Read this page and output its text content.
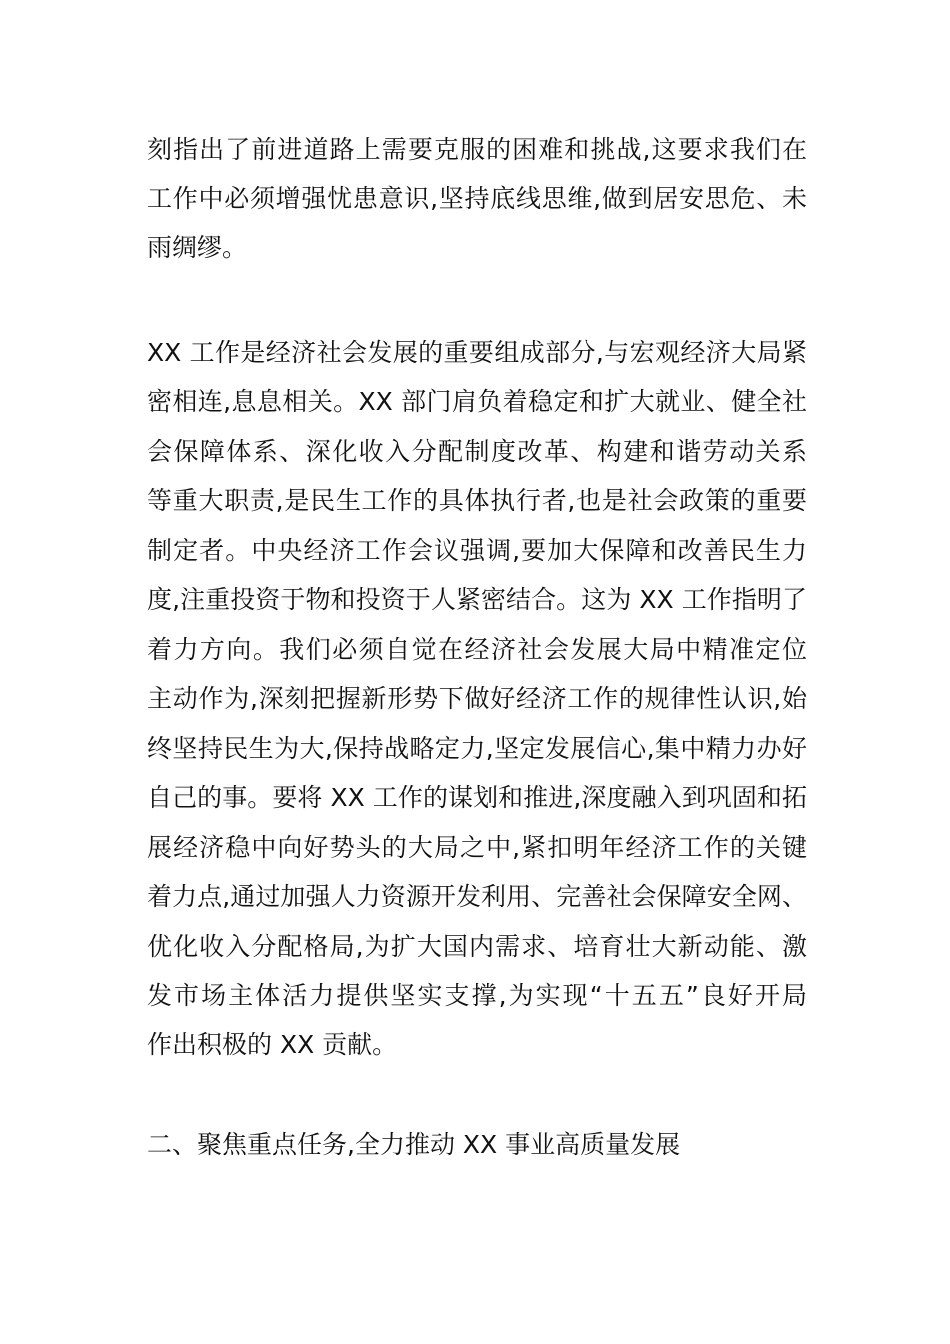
刻指出了前进道路上需要克服的困难和挑战,这要求我们在
工作中必须增强忧患意识,坚持底线思维,做到居安思危、未
雨绸缪。
XX 工作是经济社会发展的重要组成部分,与宏观经济大局紧
密相连,息息相关。XX 部门肩负着稳定和扩大就业、健全社
会保障体系、深化收入分配制度改革、构建和谐劳动关系
等重大职责,是民生工作的具体执行者,也是社会政策的重要
制定者。中央经济工作会议强调,要加大保障和改善民生力
度,注重投资于物和投资于人紧密结合。这为 XX 工作指明了
着力方向。我们必须自觉在经济社会发展大局中精准定位
主动作为,深刻把握新形势下做好经济工作的规律性认识,始
终坚持民生为大,保持战略定力,坚定发展信心,集中精力办好
自己的事。要将 XX 工作的谋划和推进,深度融入到巩固和拓
展经济稳中向好势头的大局之中,紧扣明年经济工作的关键
着力点,通过加强人力资源开发利用、完善社会保障安全网、
优化收入分配格局,为扩大国内需求、培育壮大新动能、激
发市场主体活力提供坚实支撑,为实现“十五五”良好开局
作出积极的 XX 贡献。
二、聚焦重点任务,全力推动 XX 事业高质量发展
